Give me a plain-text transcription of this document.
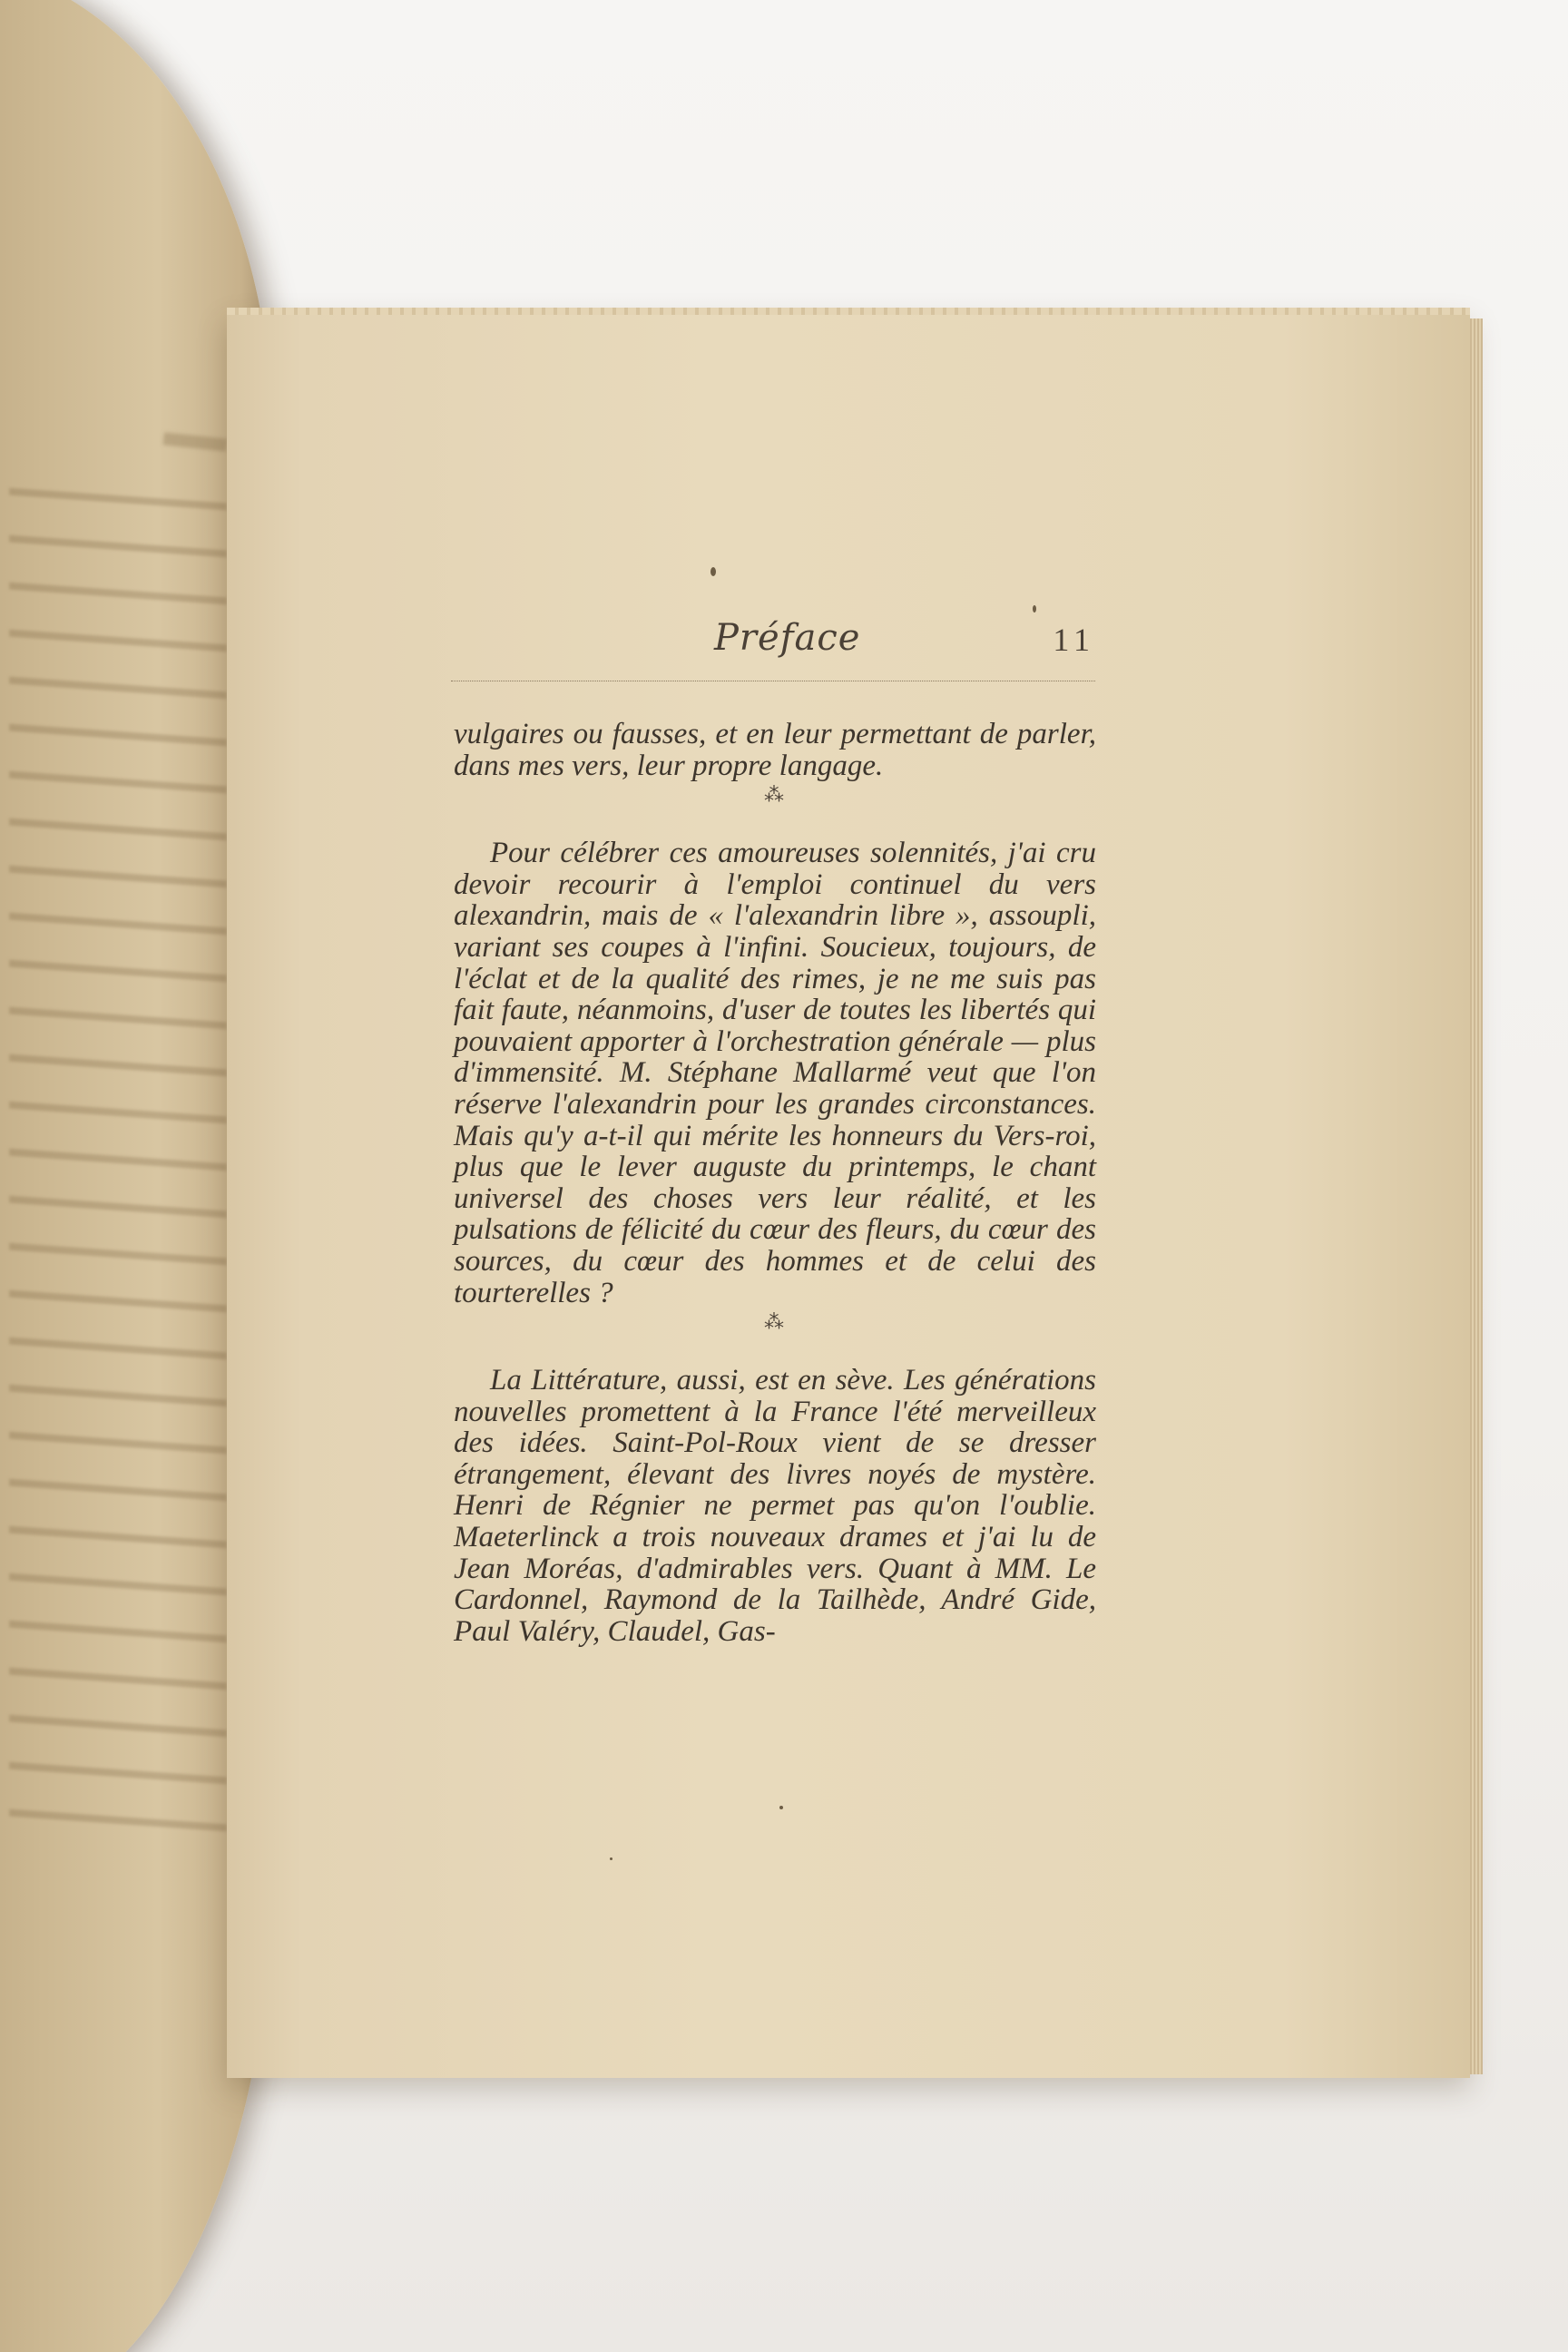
Préface	11

vulgaires ou fausses, et en leur permettant de parler, dans mes vers, leur propre langage.

⁂

Pour célébrer ces amoureuses solennités, j'ai cru devoir recourir à l'emploi continuel du vers alexandrin, mais de « l'alexandrin libre », assoupli, variant ses coupes à l'infini. Soucieux, toujours, de l'éclat et de la qualité des rimes, je ne me suis pas fait faute, néanmoins, d'user de toutes les libertés qui pouvaient apporter à l'orchestration générale — plus d'immensité. M. Stéphane Mallarmé veut que l'on réserve l'alexandrin pour les grandes circonstances. Mais qu'y a-t-il qui mérite les honneurs du Vers-roi, plus que le lever auguste du printemps, le chant universel des choses vers leur réalité, et les pulsations de félicité du cœur des fleurs, du cœur des sources, du cœur des hommes et de celui des tourterelles ?

⁂

La Littérature, aussi, est en sève. Les générations nouvelles promettent à la France l'été merveilleux des idées. Saint-Pol-Roux vient de se dresser étrangement, élevant des livres noyés de mystère. Henri de Régnier ne permet pas qu'on l'oublie. Maeterlinck a trois nouveaux drames et j'ai lu de Jean Moréas, d'admirables vers. Quant à MM. Le Cardonnel, Raymond de la Tailhède, André Gide, Paul Valéry, Claudel, Gas-
